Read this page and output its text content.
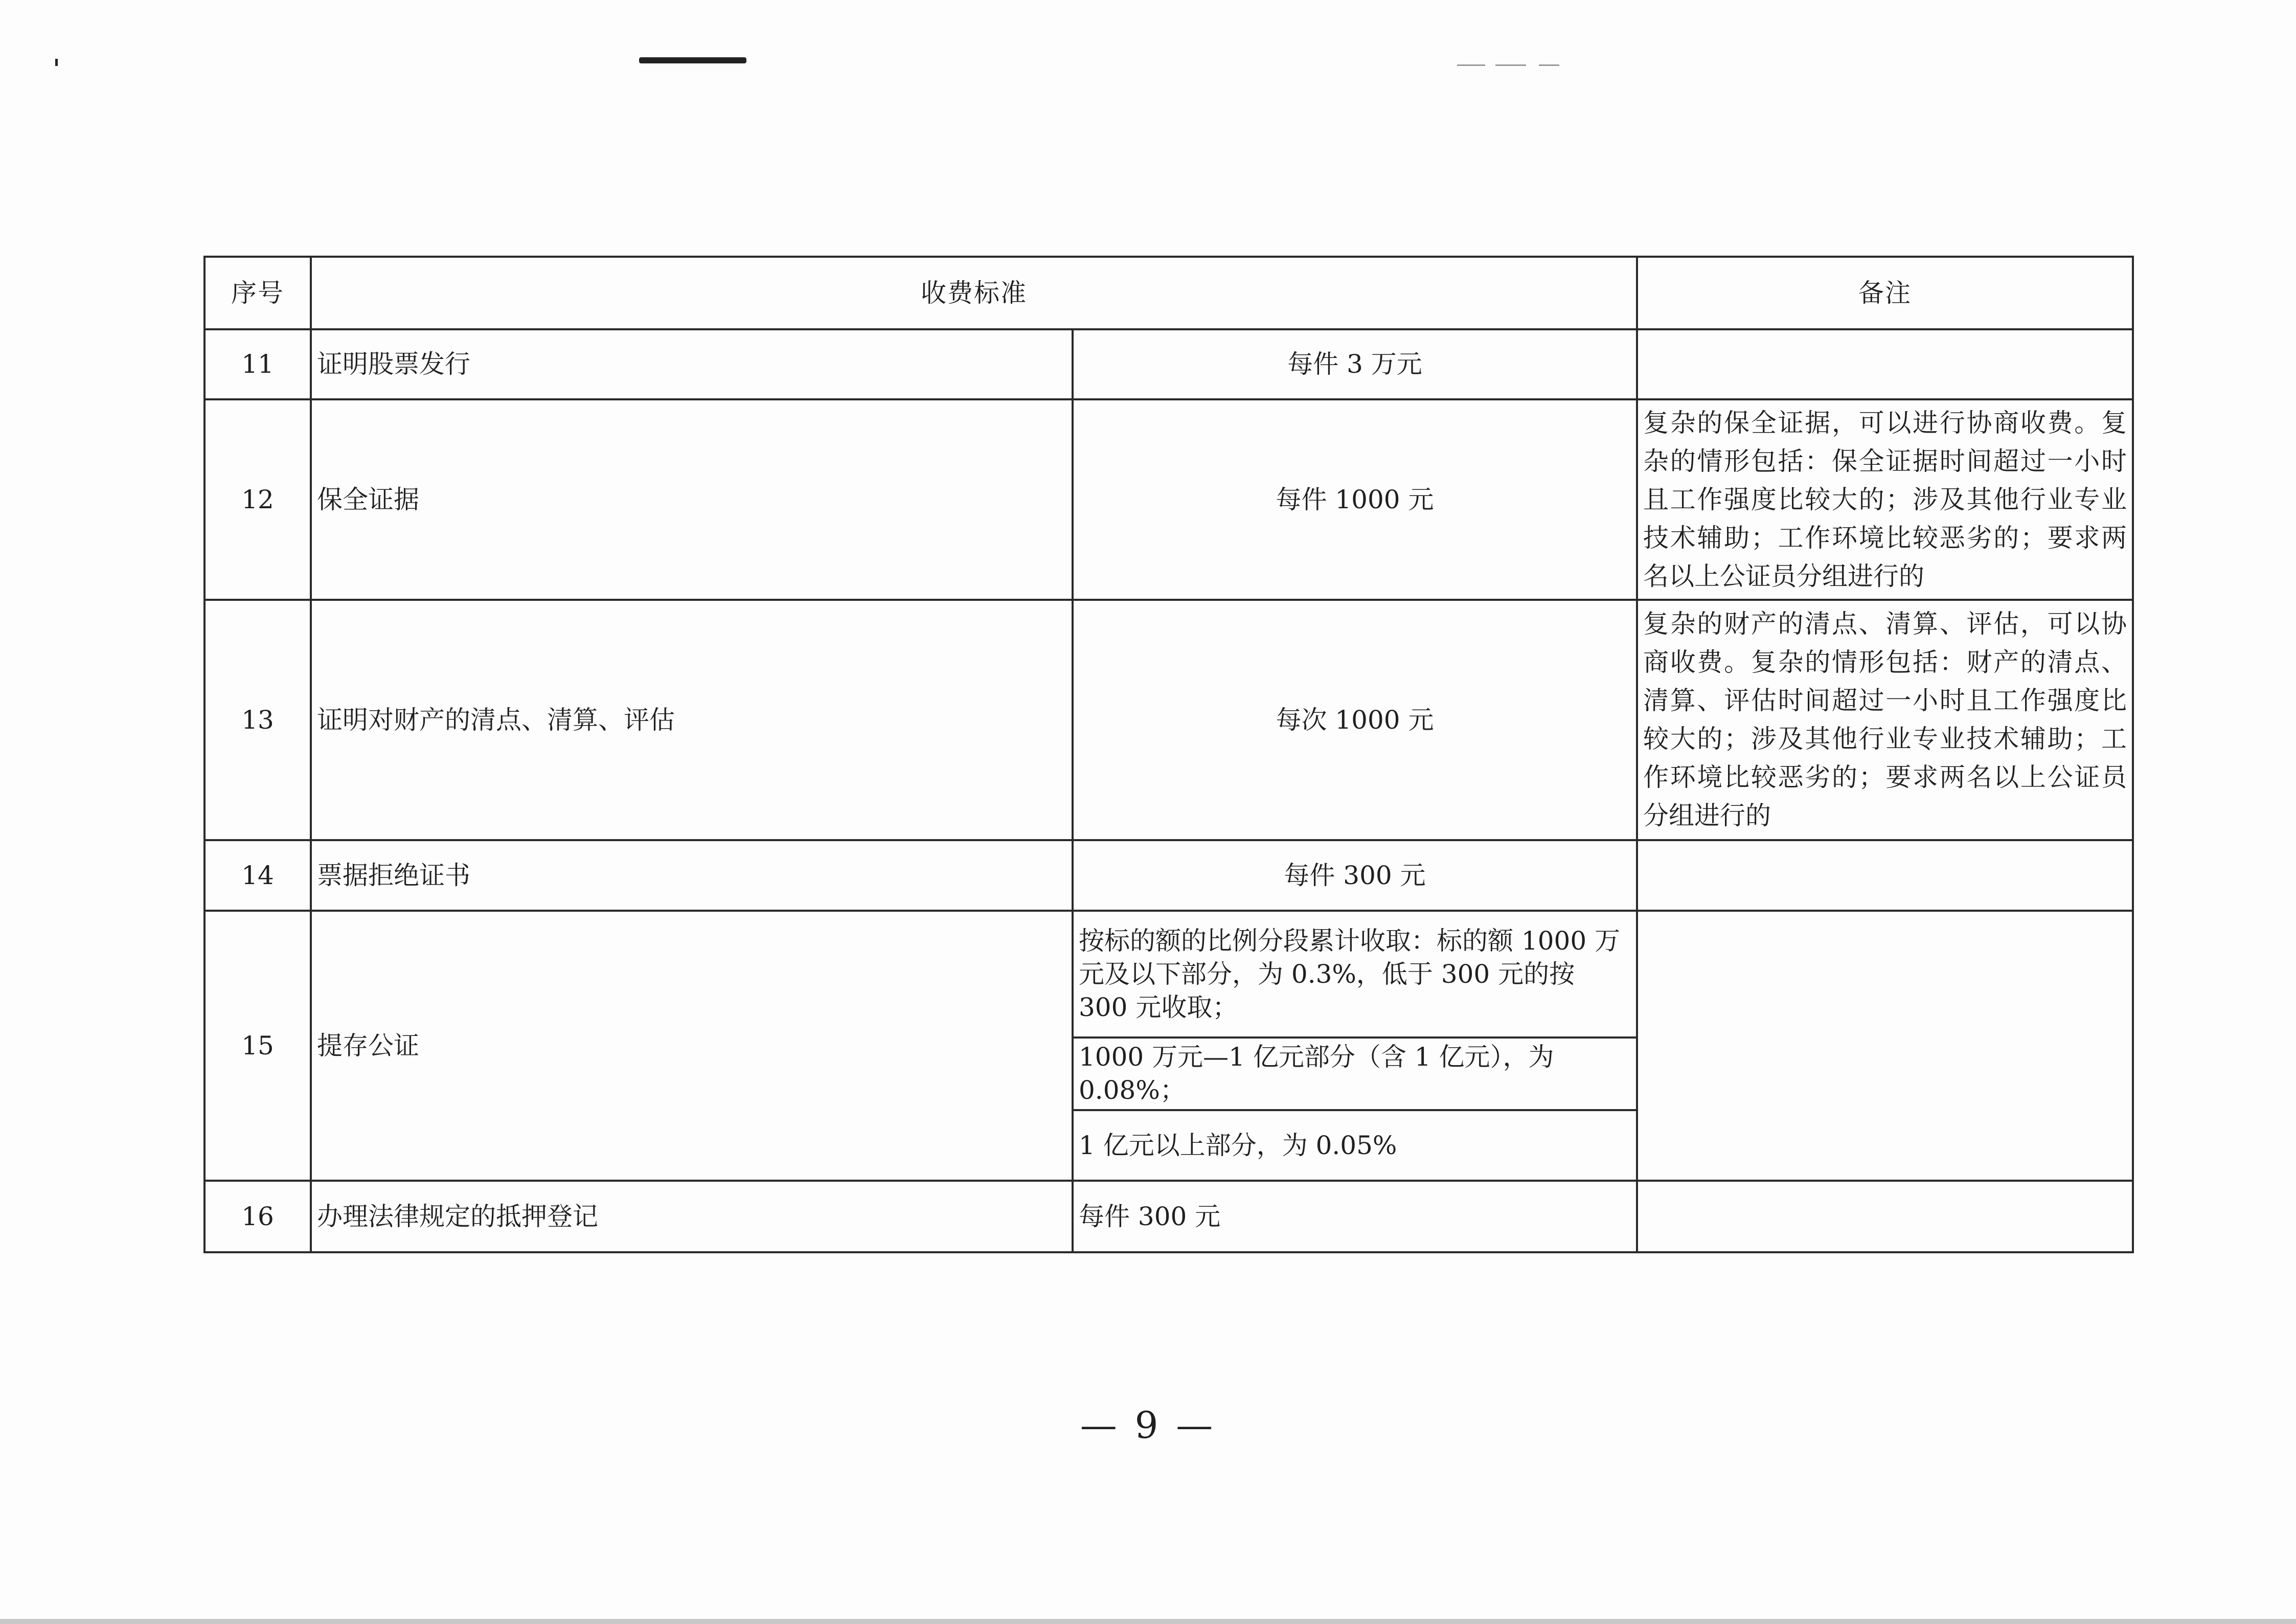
序号	收费标准		备注
11	证明股票发行	每件 3 万元	
12	保全证据	每件 1000 元	复杂的保全证据，可以进行协商收费。复杂的情形包括：保全证据时间超过一小时且工作强度比较大的；涉及其他行业专业技术辅助；工作环境比较恶劣的；要求两名以上公证员分组进行的
13	证明对财产的清点、清算、评估	每次 1000 元	复杂的财产的清点、清算、评估，可以协商收费。复杂的情形包括：财产的清点、清算、评估时间超过一小时且工作强度比较大的；涉及其他行业专业技术辅助；工作环境比较恶劣的；要求两名以上公证员分组进行的
14	票据拒绝证书	每件 300 元	
15	提存公证	按标的额的比例分段累计收取：标的额 1000 万元及以下部分，为 0.3%，低于 300 元的按 300 元收取；	
		1000 万元—1 亿元部分（含 1 亿元），为 0.08%；	
		1 亿元以上部分，为 0.05%	
16	办理法律规定的抵押登记	每件 300 元	
— 9 —
